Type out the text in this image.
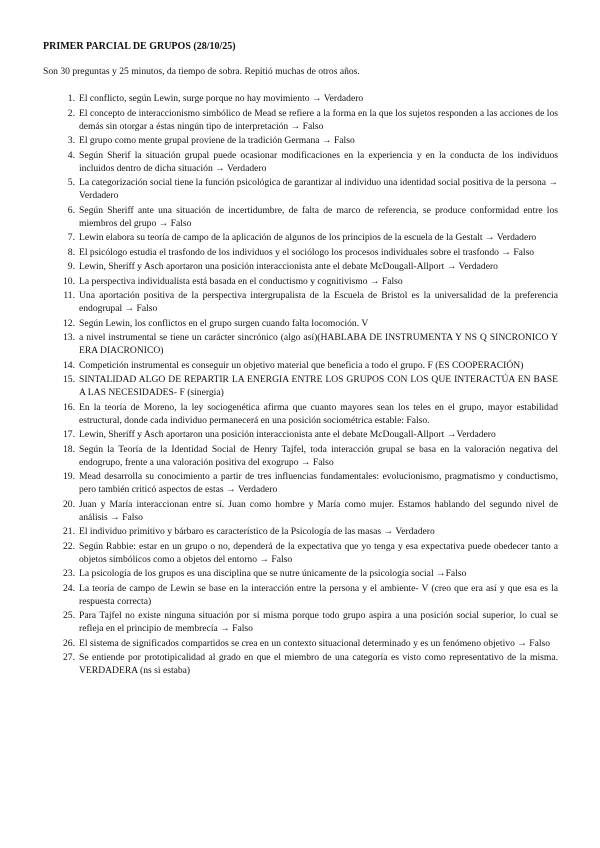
PRIMER PARCIAL DE GRUPOS (28/10/25)
Son 30 preguntas y 25 minutos, da tiempo de sobra. Repitió muchas de otros años.
1. El conflicto, según Lewin, surge porque no hay movimiento → Verdadero
2. El concepto de interaccionismo simbólico de Mead se refiere a la forma en la que los sujetos responden a las acciones de los demás sin otorgar a éstas ningún tipo de interpretación → Falso
3. El grupo como mente grupal proviene de la tradición Germana → Falso
4. Según Sherif la situación grupal puede ocasionar modificaciones en la experiencia y en la conducta de los individuos incluidos dentro de dicha situación → Verdadero
5. La categorización social tiene la función psicológica de garantizar al individuo una identidad social positiva de la persona → Verdadero
6. Según Sheriff ante una situación de incertidumbre, de falta de marco de referencia, se produce conformidad entre los miembros del grupo → Falso
7. Lewin elabora su teoría de campo de la aplicación de algunos de los principios de la escuela de la Gestalt → Verdadero
8. El psicólogo estudia el trasfondo de los individuos y el sociólogo los procesos individuales sobre el trasfondo → Falso
9. Lewin, Sheriff y Asch aportaron una posición interaccionista ante el debate McDougall-Allport → Verdadero
10. La perspectiva individualista está basada en el conductismo y cognitivismo → Falso
11. Una aportación positiva de la perspectiva intergrupalista de la Escuela de Bristol es la universalidad de la preferencia endogrupal → Falso
12. Según Lewin, los conflictos en el grupo surgen cuando falta locomoción. V
13. a nivel instrumental se tiene un carácter sincrónico (algo así)(HABLABA DE INSTRUMENTA Y NS Q SINCRONICO Y ERA DIACRONICO)
14. Competición instrumental es conseguir un objetivo material que beneficia a todo el grupo. F (ES COOPERACIÓN)
15. SINTALIDAD ALGO DE REPARTIR LA ENERGIA ENTRE LOS GRUPOS CON LOS QUE INTERACTÚA EN BASE A LAS NECESIDADES- F (sinergia)
16. En la teoría de Moreno, la ley sociogenética afirma que cuanto mayores sean los teles en el grupo, mayor estabilidad estructural, donde cada individuo permanecerá en una posición sociométrica estable: Falso.
17. Lewin, Sheriff y Asch aportaron una posición interaccionista ante el debate McDougall-Allport →Verdadero
18. Según la Teoría de la Identidad Social de Henry Tajfel, toda interacción grupal se basa en la valoración negativa del endogrupo, frente a una valoración positiva del exogrupo → Falso
19. Mead desarrolla su conocimiento a partir de tres influencias fundamentales: evolucionismo, pragmatismo y conductismo, pero también criticó aspectos de estas → Verdadero
20. Juan y María interaccionan entre sí. Juan como hombre y María como mujer. Estamos hablando del segundo nivel de análisis → Falso
21. El individuo primitivo y bárbaro es característico de la Psicología de las masas → Verdadero
22. Según Rabbie: estar en un grupo o no, dependerá de la expectativa que yo tenga y esa expectativa puede obedecer tanto a objetos simbólicos como a objetos del entorno → Falso
23. La psicología de los grupos es una disciplina que se nutre únicamente de la psicología social →Falso
24. La teoría de campo de Lewin se base en la interacción entre la persona y el ambiente- V (creo que era así y que esa es la respuesta correcta)
25. Para Tajfel no existe ninguna situación por sí misma porque todo grupo aspira a una posición social superior, lo cual se refleja en el principio de membrecía → Falso
26. El sistema de significados compartidos se crea en un contexto situacional determinado y es un fenómeno objetivo → Falso
27. Se entiende por prototipicalidad al grado en que el miembro de una categoría es visto como representativo de la misma. VERDADERA (ns si estaba)
